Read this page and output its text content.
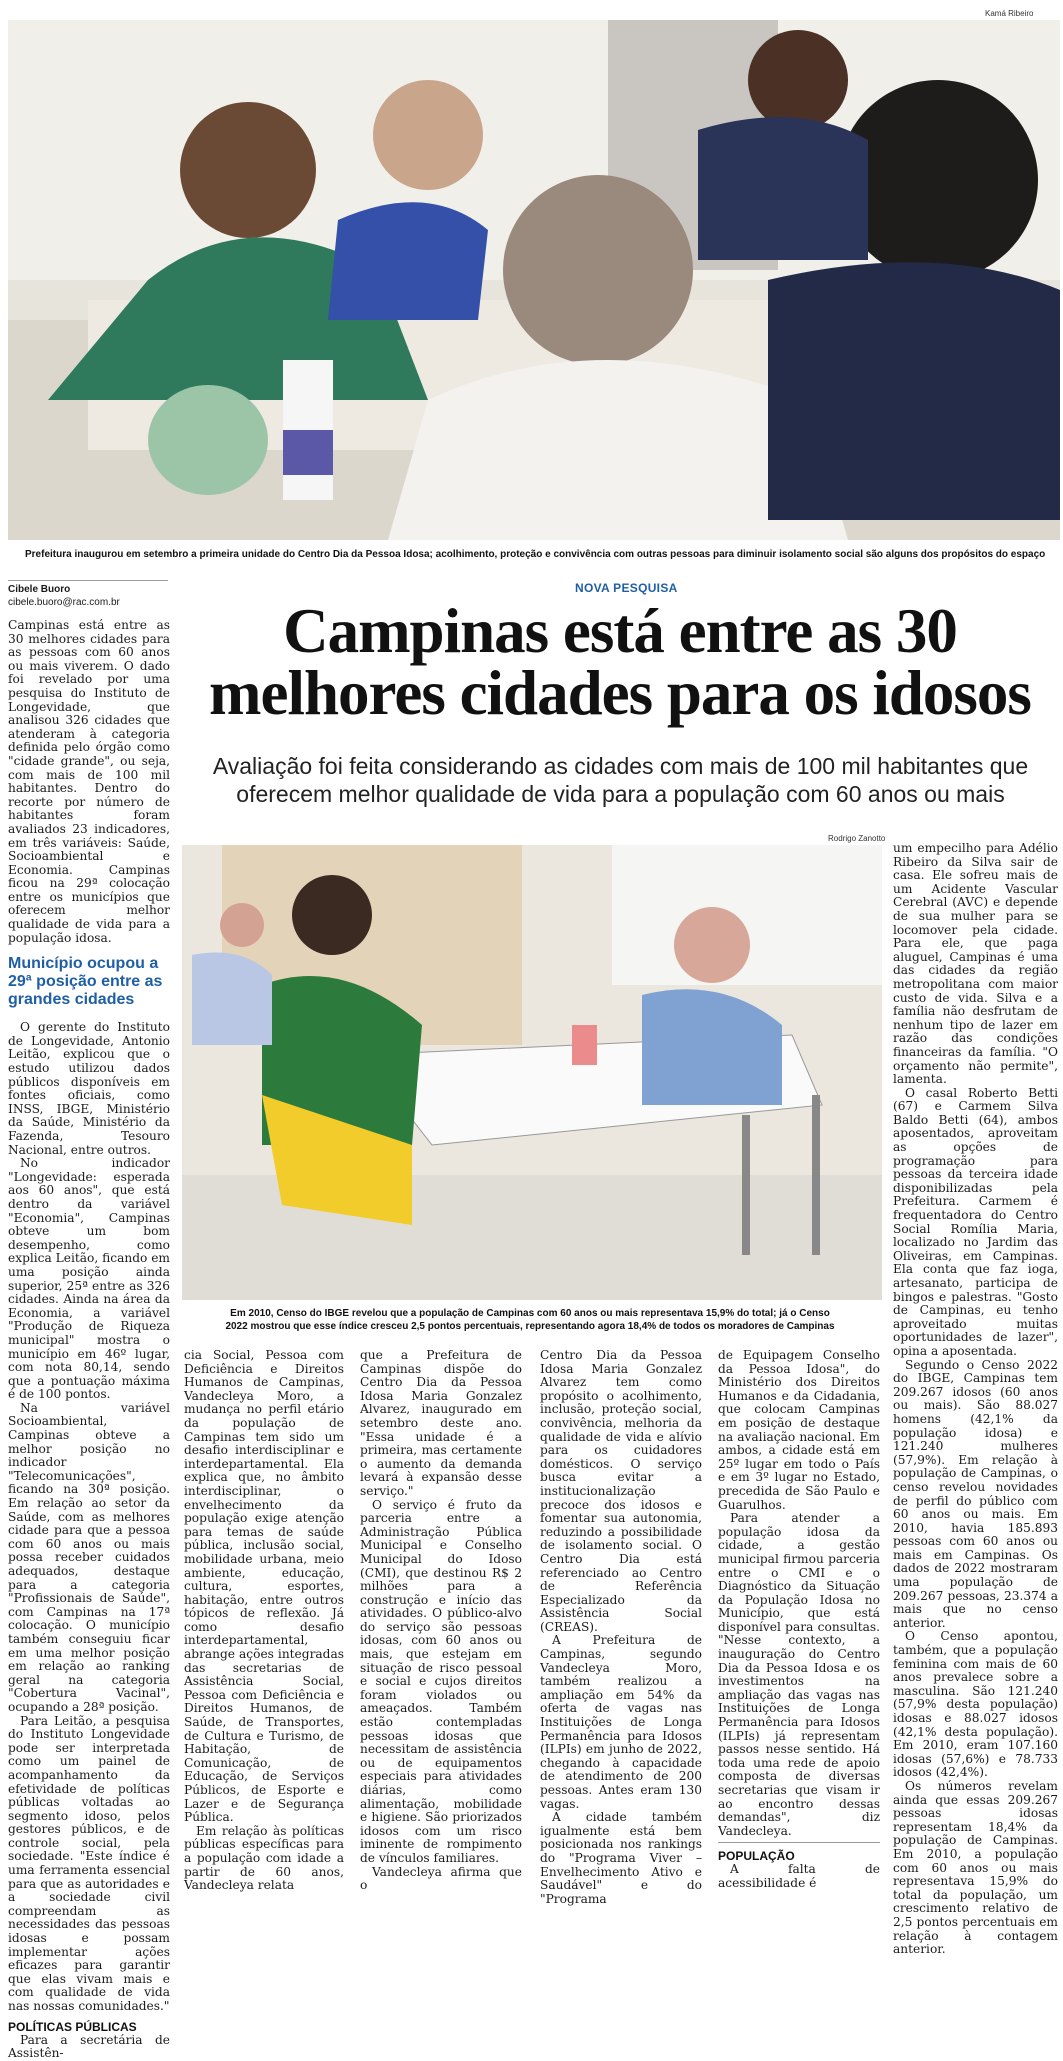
Kamá Ribeiro
Prefeitura inaugurou em setembro a primeira unidade do Centro Dia da Pessoa Idosa; acolhimento, proteção e convivência com outras pessoas para diminuir isolamento social são alguns dos propósitos do espaço
Cibele Buoro
cibele.buoro@rac.com.br
NOVA PESQUISA
Campinas está entre as 30 melhores cidades para os idosos
Avaliação foi feita considerando as cidades com mais de 100 mil habitantes que oferecem melhor qualidade de vida para a população com 60 anos ou mais
Rodrigo Zanotto
Em 2010, Censo do IBGE revelou que a população de Campinas com 60 anos ou mais representava 15,9% do total; já o Censo 2022 mostrou que esse índice cresceu 2,5 pontos percentuais, representando agora 18,4% de todos os moradores de Campinas

Campinas está entre as 30 melhores cidades para as pessoas com 60 anos ou mais viverem. O dado foi revelado por uma pesquisa do Instituto de Longevidade, que analisou 326 cidades que atenderam à categoria definida pelo órgão como "cidade grande", ou seja, com mais de 100 mil habitantes. Dentro do recorte por número de habitantes foram avaliados 23 indicadores, em três variáveis: Saúde, Socioambiental e Economia. Campinas ficou na 29ª colocação entre os municípios que oferecem melhor qualidade de vida para a população idosa.

Município ocupou a 29ª posição entre as grandes cidades

O gerente do Instituto de Longevidade, Antonio Leitão, explicou que o estudo utilizou dados públicos disponíveis em fontes oficiais, como INSS, IBGE, Ministério da Saúde, Ministério da Fazenda, Tesouro Nacional, entre outros.

No indicador "Longevidade: esperada aos 60 anos", que está dentro da variável "Economia", Campinas obteve um bom desempenho, como explica Leitão, ficando em uma posição ainda superior, 25ª entre as 326 cidades. Ainda na área da Economia, a variável "Produção de Riqueza municipal" mostra o município em 46º lugar, com nota 80,14, sendo que a pontuação máxima é de 100 pontos.

Na variável Socioambiental, Campinas obteve a melhor posição no indicador "Telecomunicações", ficando na 30ª posição. Em relação ao setor da Saúde, com as melhores cidade para que a pessoa com 60 anos ou mais possa receber cuidados adequados, destaque para a categoria "Profissionais de Saúde", com Campinas na 17ª colocação. O município também conseguiu ficar em uma melhor posição em relação ao ranking geral na categoria "Cobertura Vacinal", ocupando a 28ª posição.

Para Leitão, a pesquisa do Instituto Longevidade pode ser interpretada como um painel de acompanhamento da efetividade de políticas públicas voltadas ao segmento idoso, pelos gestores públicos, e de controle social, pela sociedade. "Este índice é uma ferramenta essencial para que as autoridades e a sociedade civil compreendam as necessidades das pessoas idosas e possam implementar ações eficazes para garantir que elas vivam mais e com qualidade de vida nas nossas comunidades."

POLÍTICAS PÚBLICAS

Para a secretária de Assistên-

cia Social, Pessoa com Deficiência e Direitos Humanos de Campinas, Vandecleya Moro, a mudança no perfil etário da população de Campinas tem sido um desafio interdisciplinar e interdepartamental. Ela explica que, no âmbito interdisciplinar, o envelhecimento da população exige atenção para temas de saúde pública, inclusão social, mobilidade urbana, meio ambiente, educação, cultura, esportes, habitação, entre outros tópicos de reflexão. Já como desafio interdepartamental, abrange ações integradas das secretarias de Assistência Social, Pessoa com Deficiência e Direitos Humanos, de Saúde, de Transportes, de Cultura e Turismo, de Habitação, de Comunicação, de Educação, de Serviços Públicos, de Esporte e Lazer e de Segurança Pública.

Em relação às políticas públicas específicas para a população com idade a partir de 60 anos, Vandecleya relata

que a Prefeitura de Campinas dispõe do Centro Dia da Pessoa Idosa Maria Gonzalez Alvarez, inaugurado em setembro deste ano. "Essa unidade é a primeira, mas certamente o aumento da demanda levará à expansão desse serviço."

O serviço é fruto da parceria entre a Administração Pública Municipal e Conselho Municipal do Idoso (CMI), que destinou R$ 2 milhões para a construção e início das atividades. O público-alvo do serviço são pessoas idosas, com 60 anos ou mais, que estejam em situação de risco pessoal e social e cujos direitos foram violados ou ameaçados. Também estão contempladas pessoas idosas que necessitam de assistência ou de equipamentos especiais para atividades diárias, como alimentação, mobilidade e higiene. São priorizados idosos com um risco iminente de rompimento de vínculos familiares.

Vandecleya afirma que o

Centro Dia da Pessoa Idosa Maria Gonzalez Alvarez tem como propósito o acolhimento, inclusão, proteção social, convivência, melhoria da qualidade de vida e alívio para os cuidadores domésticos. O serviço busca evitar a institucionalização precoce dos idosos e fomentar sua autonomia, reduzindo a possibilidade de isolamento social. O Centro Dia está referenciado ao Centro de Referência Especializado da Assistência Social (CREAS).

A Prefeitura de Campinas, segundo Vandecleya Moro, também realizou a ampliação em 54% da oferta de vagas nas Instituições de Longa Permanência para Idosos (ILPIs) em junho de 2022, chegando à capacidade de atendimento de 200 pessoas. Antes eram 130 vagas.

A cidade também igualmente está bem posicionada nos rankings do "Programa Viver – Envelhecimento Ativo e Saudável" e do "Programa

de Equipagem Conselho da Pessoa Idosa", do Ministério dos Direitos Humanos e da Cidadania, que colocam Campinas em posição de destaque na avaliação nacional. Em ambos, a cidade está em 25º lugar em todo o País e em 3º lugar no Estado, precedida de São Paulo e Guarulhos.

Para atender a população idosa da cidade, a gestão municipal firmou parceria entre o CMI e o Diagnóstico da Situação da População Idosa no Município, que está disponível para consultas. "Nesse contexto, a inauguração do Centro Dia da Pessoa Idosa e os investimentos na ampliação das vagas nas Instituições de Longa Permanência para Idosos (ILPIs) já representam passos nesse sentido. Há toda uma rede de apoio composta de diversas secretarias que visam ir ao encontro dessas demandas", diz Vandecleya.

POPULAÇÃO

A falta de acessibilidade é

um empecilho para Adélio Ribeiro da Silva sair de casa. Ele sofreu mais de um Acidente Vascular Cerebral (AVC) e depende de sua mulher para se locomover pela cidade. Para ele, que paga aluguel, Campinas é uma das cidades da região metropolitana com maior custo de vida. Silva e a família não desfrutam de nenhum tipo de lazer em razão das condições financeiras da família. "O orçamento não permite", lamenta.

O casal Roberto Betti (67) e Carmem Silva Baldo Betti (64), ambos aposentados, aproveitam as opções de programação para pessoas da terceira idade disponibilizadas pela Prefeitura. Carmem é frequentadora do Centro Social Romília Maria, localizado no Jardim das Oliveiras, em Campinas. Ela conta que faz ioga, artesanato, participa de bingos e palestras. "Gosto de Campinas, eu tenho aproveitado muitas oportunidades de lazer", opina a aposentada.

Segundo o Censo 2022 do IBGE, Campinas tem 209.267 idosos (60 anos ou mais). São 88.027 homens (42,1% da população idosa) e 121.240 mulheres (57,9%). Em relação à população de Campinas, o censo revelou novidades de perfil do público com 60 anos ou mais. Em 2010, havia 185.893 pessoas com 60 anos ou mais em Campinas. Os dados de 2022 mostraram uma população de 209.267 pessoas, 23.374 a mais que no censo anterior.

O Censo apontou, também, que a população feminina com mais de 60 anos prevalece sobre a masculina. São 121.240 (57,9% desta população) idosas e 88.027 idosos (42,1% desta população). Em 2010, eram 107.160 idosas (57,6%) e 78.733 idosos (42,4%).

Os números revelam ainda que essas 209.267 pessoas idosas representam 18,4% da população de Campinas. Em 2010, a população com 60 anos ou mais representava 15,9% do total da população, um crescimento relativo de 2,5 pontos percentuais em relação à contagem anterior.
